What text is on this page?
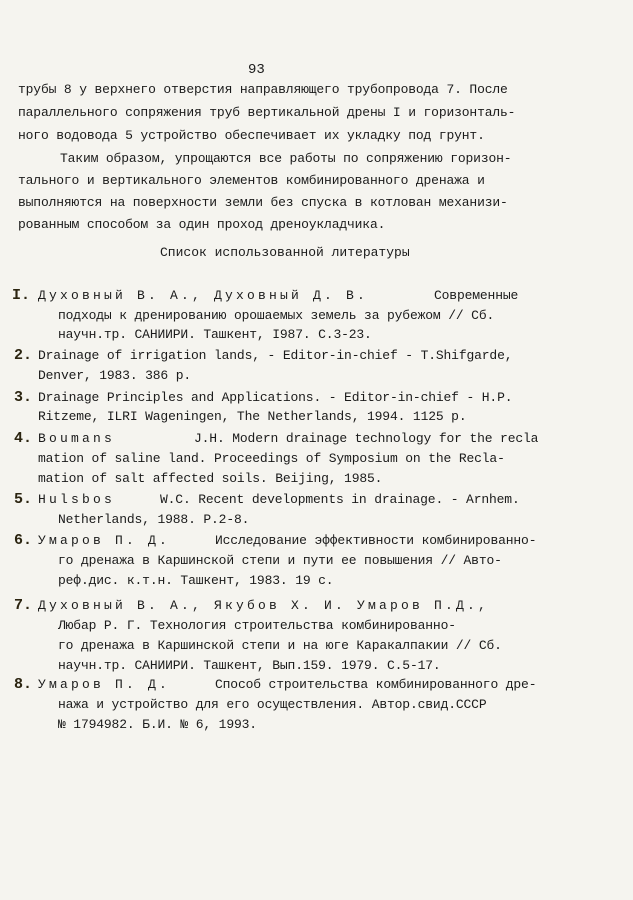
93
трубы 8 у верхнего отверстия направляющего трубопровода 7. После
параллельного сопряжения труб вертикальной дрены I и горизонталь-
ного водовода 5 устройство обеспечивает их укладку под грунт.
Таким образом, упрощаются все работы по сопряжению горизон-
тального и вертикального элементов комбинированного дренажа и
выполняются на поверхности земли без спуска в котлован механизи-
рованным способом за один проход дреноукладчика.
Список использованной литературы
I. Духовный В. А., Духовный Д. В.	Современные
подходы к дренированию орошаемых земель за рубежом // Сб.
научн.тр. САНИИРИ. Ташкент, I987. С.3-23.
2. Drainage of irrigation lands, - Editor-in-chief - T.Shifgarde,
Denver, 1983. 386 p.
3. Drainage Principles and Applications. - Editor-in-chief - H.P.
Ritzeme, ILRI Wageningen, The Netherlands, 1994. 1125 p.
4. Boumans	J.H. Modern drainage technology for the recla
mation of saline land. Proceedings of Symposium on the Recla-
mation of salt affected soils. Beijing, 1985.
5. Hulsbos	W.C. Recent developments in drainage. - Arnhem.
Netherlands, 1988. P.2-8.
6. Умаров П. Д.	Исследование эффективности комбинированно-
го дренажа в Каршинской степи и пути ее повышения // Авто-
реф.дис. к.т.н. Ташкент, 1983. 19 с.
7. Духовный В. А., Якубов Х. И. Умаров П.Д.,
Любар Р. Г. Технология строительства комбинированно-
го дренажа в Каршинской степи и на юге Каракалпакии // Сб.
научн.тр. САНИИРИ. Ташкент, Вып.159. 1979. С.5-17.
8. Умаров П. Д.	Способ строительства комбинированного дре-
нажа и устройство для его осуществления. Автор.свид.СССР
№ 1794982. Б.И. № 6, 1993.
